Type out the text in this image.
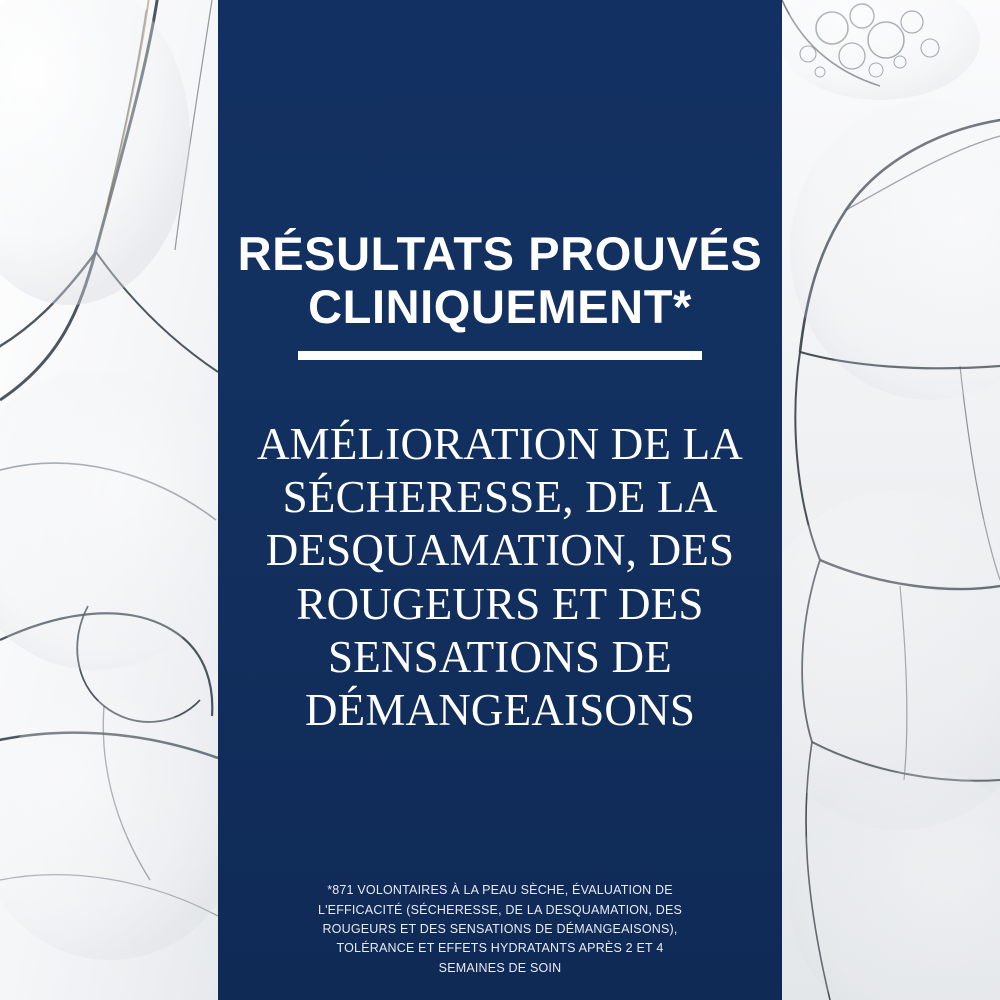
RÉSULTATS PROUVÉS
CLINIQUEMENT*
AMÉLIORATION DE LA
SÉCHERESSE, DE LA
DESQUAMATION, DES
ROUGEURS ET DES
SENSATIONS DE
DÉMANGEAISONS
*871 VOLONTAIRES À LA PEAU SÈCHE, ÉVALUATION DE
L'EFFICACITÉ (SÉCHERESSE, DE LA DESQUAMATION, DES
ROUGEURS ET DES SENSATIONS DE DÉMANGEAISONS),
TOLÉRANCE ET EFFETS HYDRATANTS APRÈS 2 ET 4
SEMAINES DE SOIN
